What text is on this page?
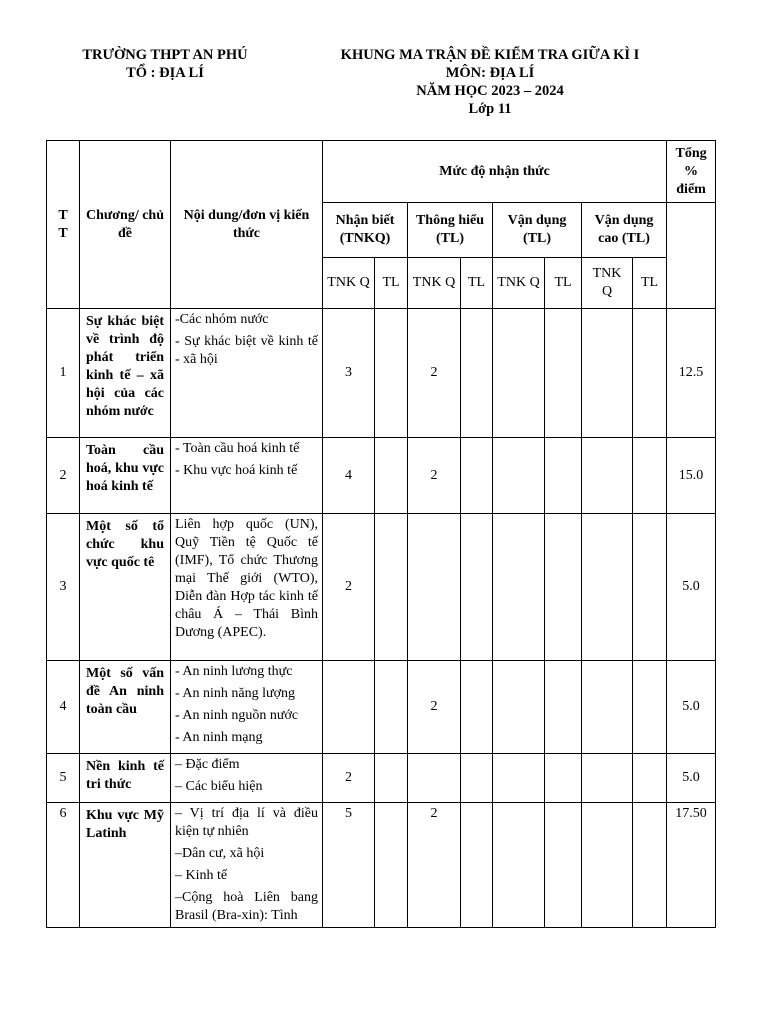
TRƯỜNG THPT AN PHÚ
TỔ : ĐỊA LÍ
KHUNG MA TRẬN ĐỀ KIỂM TRA GIỮA KÌ I
MÔN: ĐỊA LÍ
NĂM HỌC 2023 – 2024
Lớp 11
T T	Chương/ chủ đề	Nội dung/đơn vị kiến thức	Mức độ nhận thức								Tổng % điểm
			Nhận biết (TNKQ)		Thông hiểu (TL)		Vận dụng (TL)		Vận dụng cao (TL)		
			TNK Q	TL	TNK Q	TL	TNK Q	TL	TNK Q	TL	
1	Sự khác biệt về trình độ phát triển kinh tế – xã hội của các nhóm nước	-Các nhóm nước
- Sự khác biệt về kinh tế - xã hội	3		2						12.5
2	Toàn cầu hoá, khu vực hoá kinh tế	- Toàn cầu hoá kinh tế
- Khu vực hoá kinh tế	4		2						15.0
3	Một số tổ chức khu vực quốc tê	Liên hợp quốc (UN), Quỹ Tiền tệ Quốc tế (IMF), Tổ chức Thương mại Thế giới (WTO), Diễn đàn Hợp tác kinh tế châu Á – Thái Bình Dương (APEC).	2								5.0
4	Một số vấn đề An ninh toàn cầu	- An ninh lương thực
- An ninh năng lượng
- An ninh nguồn nước
- An ninh mạng			2						5.0
5	Nền kinh tế tri thức	– Đặc điểm
– Các biểu hiện	2								5.0
6	Khu vực Mỹ Latinh	– Vị trí địa lí và điều kiện tự nhiên
–Dân cư, xã hội
– Kinh tế
–Cộng hoà Liên bang Brasil (Bra-xin): Tình	5		2						17.50
